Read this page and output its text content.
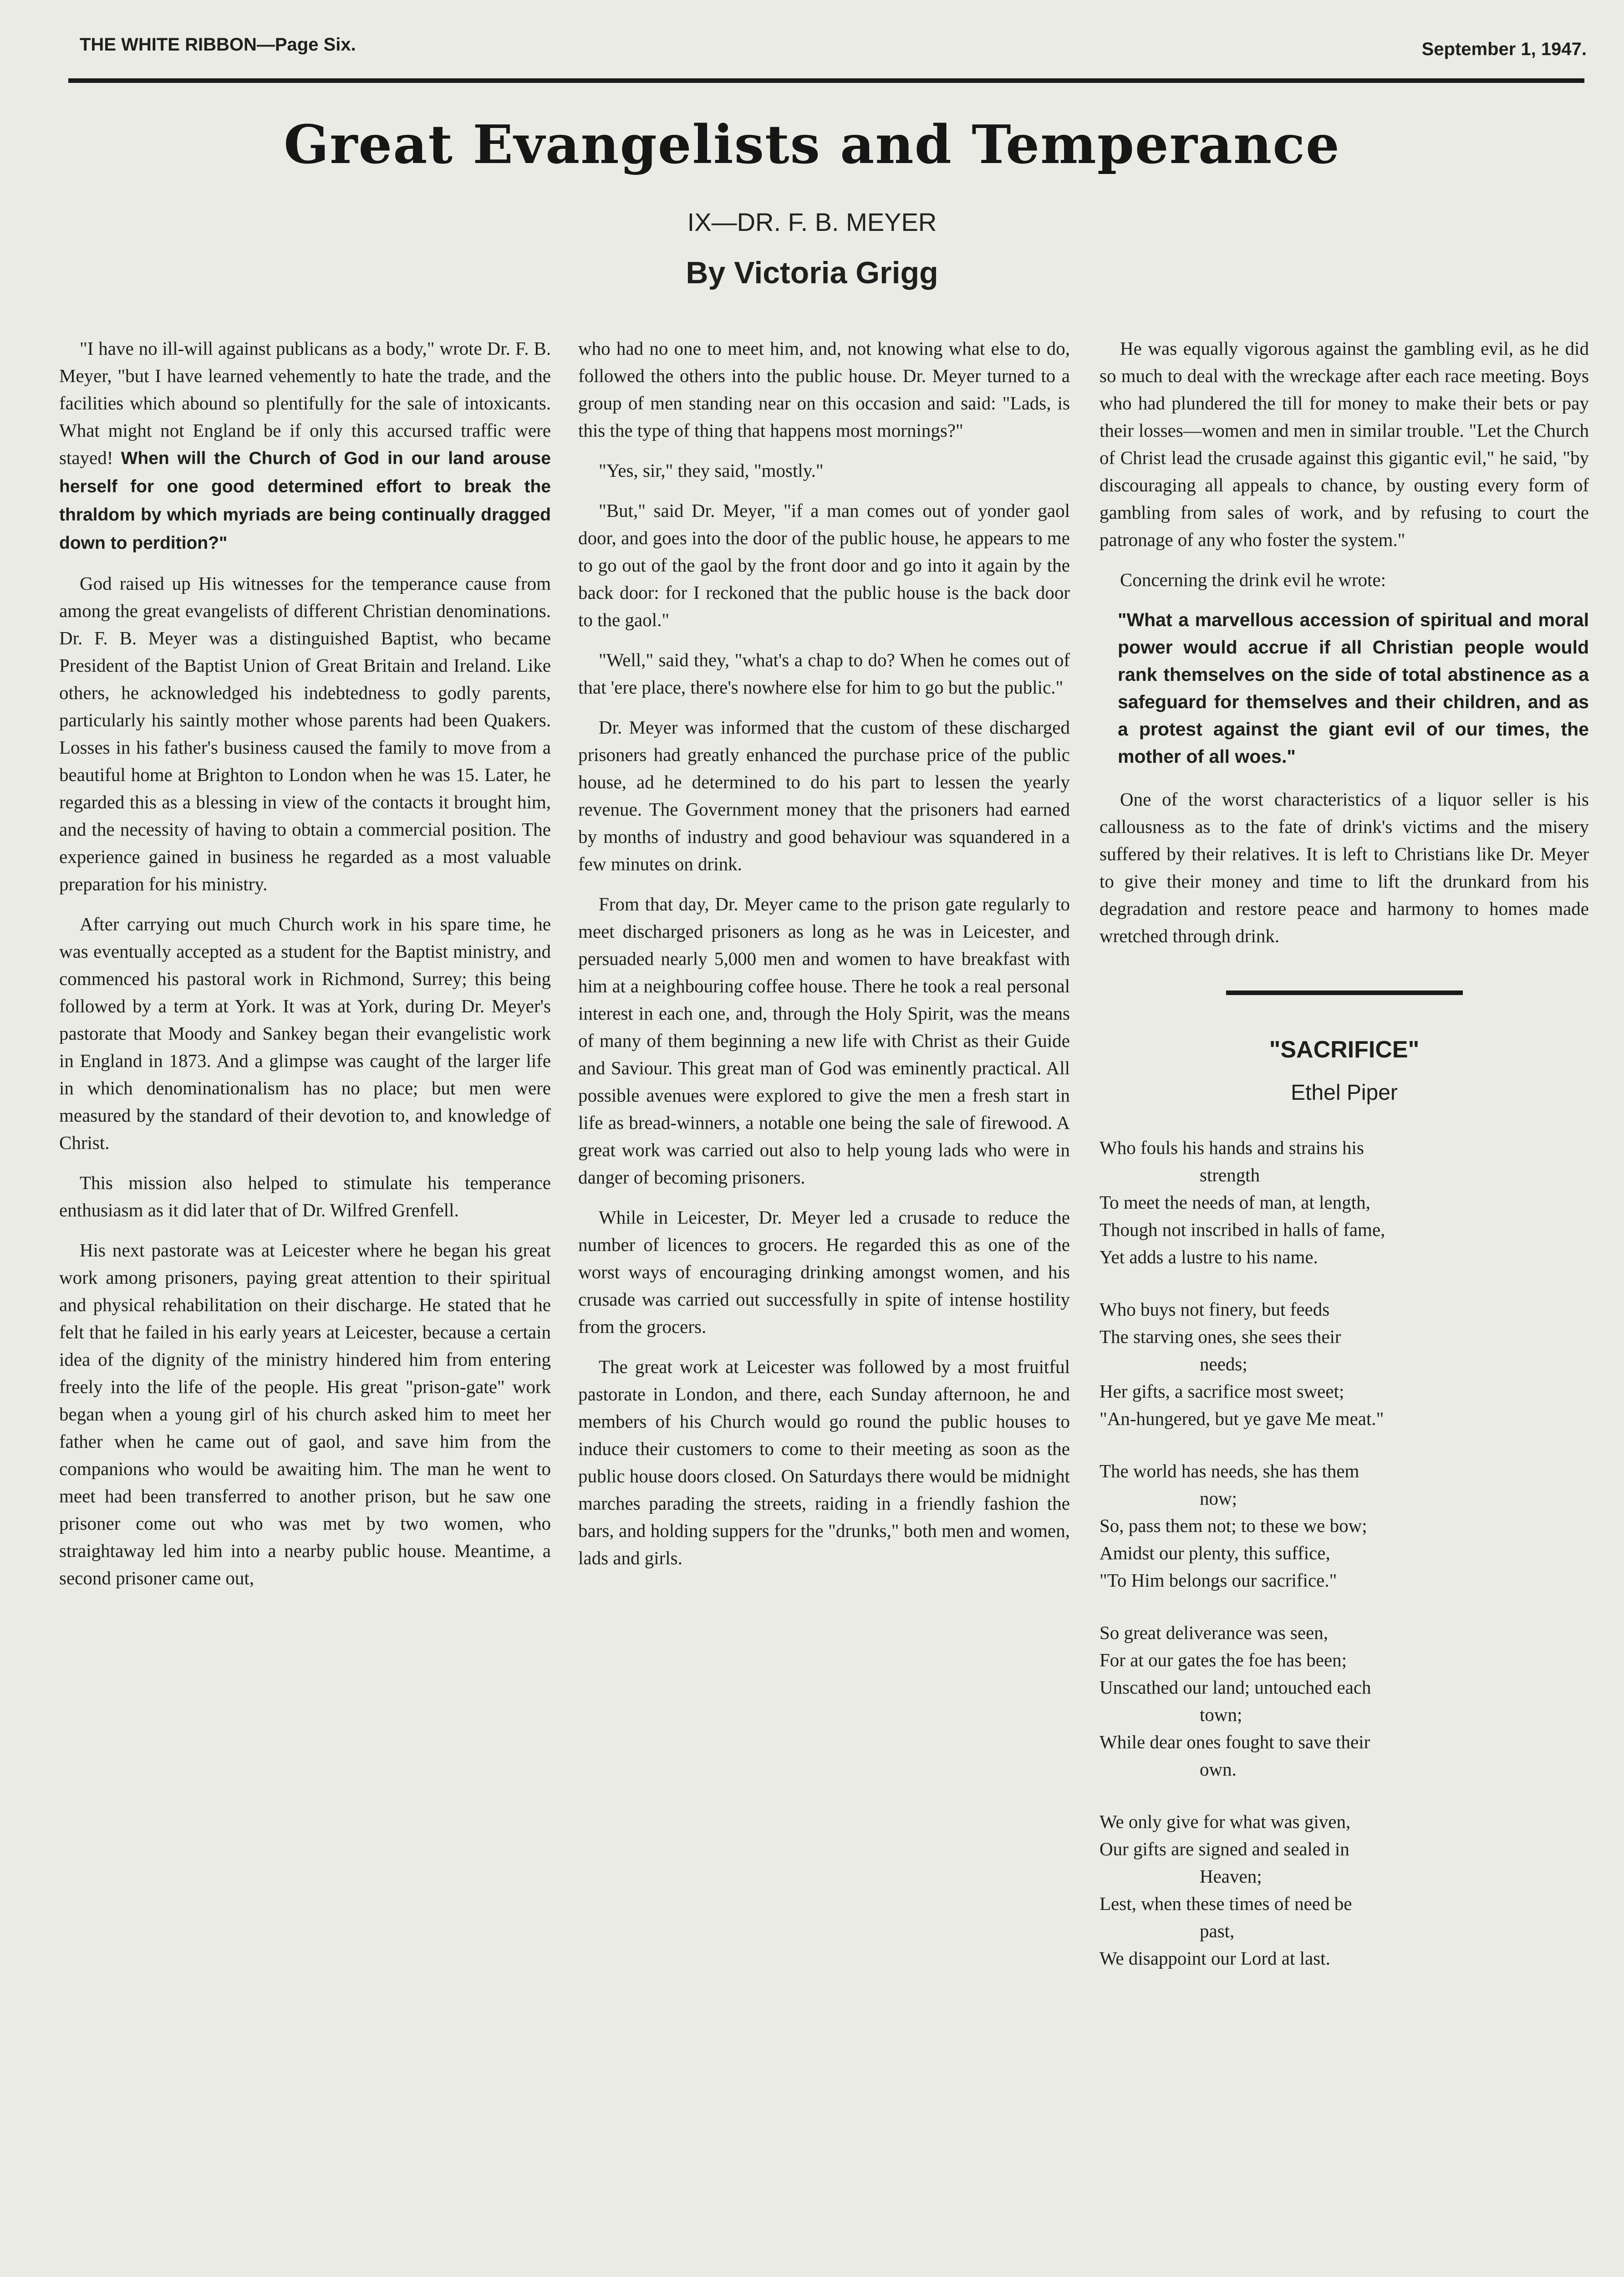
THE WHITE RIBBON—Page Six.	September 1, 1947.
Great Evangelists and Temperance
IX—DR. F. B. MEYER
By Victoria Grigg

"I have no ill-will against publicans as a body," wrote Dr. F. B. Meyer, "but I have learned vehemently to hate the trade, and the facilities which abound so plentifully for the sale of intoxicants. What might not England be if only this accursed traffic were stayed! When will the Church of God in our land arouse herself for one good determined effort to break the thraldom by which myriads are being continually dragged down to perdition?"

God raised up His witnesses for the temperance cause from among the great evangelists of different Christian denominations. Dr. F. B. Meyer was a distinguished Baptist, who became President of the Baptist Union of Great Britain and Ireland. Like others, he acknowledged his indebtedness to godly parents, particularly his saintly mother whose parents had been Quakers. Losses in his father's business caused the family to move from a beautiful home at Brighton to London when he was 15. Later, he regarded this as a blessing in view of the contacts it brought him, and the necessity of having to obtain a commercial position. The experience gained in business he regarded as a most valuable preparation for his ministry.

After carrying out much Church work in his spare time, he was eventually accepted as a student for the Baptist ministry, and commenced his pastoral work in Richmond, Surrey; this being followed by a term at York. It was at York, during Dr. Meyer's pastorate that Moody and Sankey began their evangelistic work in England in 1873. And a glimpse was caught of the larger life in which denominationalism has no place; but men were measured by the standard of their devotion to, and knowledge of Christ.

This mission also helped to stimulate his temperance enthusiasm as it did later that of Dr. Wilfred Grenfell.

His next pastorate was at Leicester where he began his great work among prisoners, paying great attention to their spiritual and physical rehabilitation on their discharge. He stated that he felt that he failed in his early years at Leicester, because a certain idea of the dignity of the ministry hindered him from entering freely into the life of the people. His great "prison-gate" work began when a young girl of his church asked him to meet her father when he came out of gaol, and save him from the companions who would be awaiting him. The man he went to meet had been transferred to another prison, but he saw one prisoner come out who was met by two women, who straightaway led him into a nearby public house. Meantime, a second prisoner came out,

who had no one to meet him, and, not knowing what else to do, followed the others into the public house. Dr. Meyer turned to a group of men standing near on this occasion and said: "Lads, is this the type of thing that happens most mornings?"

"Yes, sir," they said, "mostly."

"But," said Dr. Meyer, "if a man comes out of yonder gaol door, and goes into the door of the public house, he appears to me to go out of the gaol by the front door and go into it again by the back door: for I reckoned that the public house is the back door to the gaol."

"Well," said they, "what's a chap to do? When he comes out of that 'ere place, there's nowhere else for him to go but the public."

Dr. Meyer was informed that the custom of these discharged prisoners had greatly enhanced the purchase price of the public house, ad he determined to do his part to lessen the yearly revenue. The Government money that the prisoners had earned by months of industry and good behaviour was squandered in a few minutes on drink.

From that day, Dr. Meyer came to the prison gate regularly to meet discharged prisoners as long as he was in Leicester, and persuaded nearly 5,000 men and women to have breakfast with him at a neighbouring coffee house. There he took a real personal interest in each one, and, through the Holy Spirit, was the means of many of them beginning a new life with Christ as their Guide and Saviour. This great man of God was eminently practical. All possible avenues were explored to give the men a fresh start in life as bread-winners, a notable one being the sale of firewood. A great work was carried out also to help young lads who were in danger of becoming prisoners.

While in Leicester, Dr. Meyer led a crusade to reduce the number of licences to grocers. He regarded this as one of the worst ways of encouraging drinking amongst women, and his crusade was carried out successfully in spite of intense hostility from the grocers.

The great work at Leicester was followed by a most fruitful pastorate in London, and there, each Sunday afternoon, he and members of his Church would go round the public houses to induce their customers to come to their meeting as soon as the public house doors closed. On Saturdays there would be midnight marches parading the streets, raiding in a friendly fashion the bars, and holding suppers for the "drunks," both men and women, lads and girls.

He was equally vigorous against the gambling evil, as he did so much to deal with the wreckage after each race meeting. Boys who had plundered the till for money to make their bets or pay their losses—women and men in similar trouble. "Let the Church of Christ lead the crusade against this gigantic evil," he said, "by discouraging all appeals to chance, by ousting every form of gambling from sales of work, and by refusing to court the patronage of any who foster the system."

Concerning the drink evil he wrote:

"What a marvellous accession of spiritual and moral power would accrue if all Christian people would rank themselves on the side of total abstinence as a safeguard for themselves and their children, and as a protest against the giant evil of our times, the mother of all woes."

One of the worst characteristics of a liquor seller is his callousness as to the fate of drink's victims and the misery suffered by their relatives. It is left to Christians like Dr. Meyer to give their money and time to lift the drunkard from his degradation and restore peace and harmony to homes made wretched through drink.

"SACRIFICE"
Ethel Piper
Who fouls his hands and strains his
strength
To meet the needs of man, at length,
Though not inscribed in halls of fame,
Yet adds a lustre to his name.
Who buys not finery, but feeds
The starving ones, she sees their
needs;
Her gifts, a sacrifice most sweet;
"An-hungered, but ye gave Me meat."
The world has needs, she has them
now;
So, pass them not; to these we bow;
Amidst our plenty, this suffice,
"To Him belongs our sacrifice."
So great deliverance was seen,
For at our gates the foe has been;
Unscathed our land; untouched each
town;
While dear ones fought to save their
own.
We only give for what was given,
Our gifts are signed and sealed in
Heaven;
Lest, when these times of need be
past,
We disappoint our Lord at last.
